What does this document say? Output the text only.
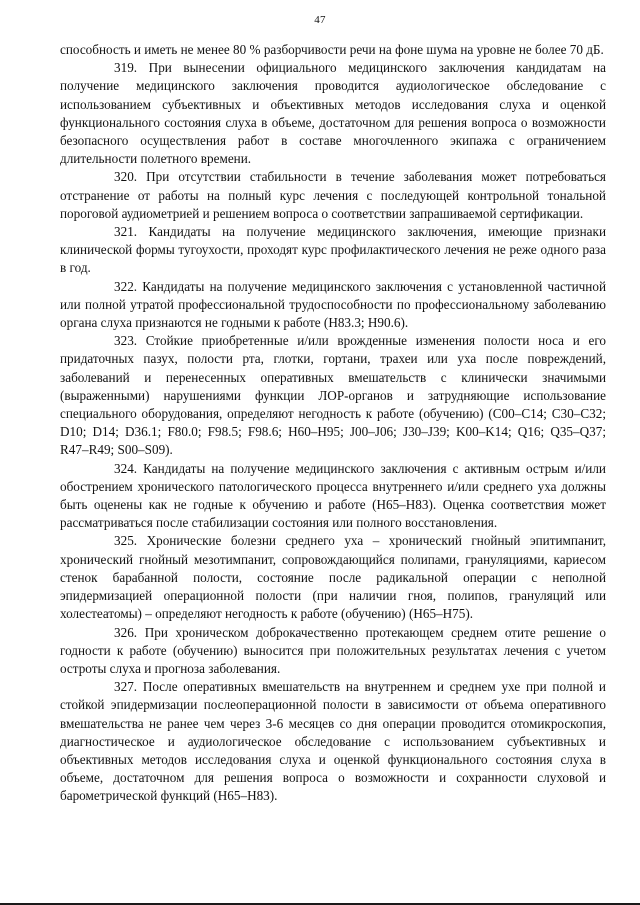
47

способность и иметь не менее 80 % разборчивости речи на фоне шума на уровне не более 70 дБ.

319. При вынесении официального медицинского заключения кандидатам на получение медицинского заключения проводится аудиологическое обследование с использованием субъективных и объективных методов исследования слуха и оценкой функционального состояния слуха в объеме, достаточном для решения вопроса о возможности безопасного осуществления работ в составе многочленного экипажа с ограничением длительности полетного времени.

320. При отсутствии стабильности в течение заболевания может потребоваться отстранение от работы на полный курс лечения с последующей контрольной тональной пороговой аудиометрией и решением вопроса о соответствии запрашиваемой сертификации.

321. Кандидаты на получение медицинского заключения, имеющие признаки клинической формы тугоухости, проходят курс профилактического лечения не реже одного раза в год.

322. Кандидаты на получение медицинского заключения с установленной частичной или полной утратой профессиональной трудоспособности по профессиональному заболеванию органа слуха признаются не годными к работе (H83.3; H90.6).

323. Стойкие приобретенные и/или врожденные изменения полости носа и его придаточных пазух, полости рта, глотки, гортани, трахеи или уха после повреждений, заболеваний и перенесенных оперативных вмешательств с клинически значимыми (выраженными) нарушениями функции ЛОР-органов и затрудняющие использование специального оборудования, определяют негодность к работе (обучению) (C00–C14; C30–C32; D10; D14; D36.1; F80.0; F98.5; F98.6; H60–H95; J00–J06; J30–J39; K00–K14; Q16; Q35–Q37; R47–R49; S00–S09).

324. Кандидаты на получение медицинского заключения с активным острым и/или обострением хронического патологического процесса внутреннего и/или среднего уха должны быть оценены как не годные к обучению и работе (H65–H83). Оценка соответствия может рассматриваться после стабилизации состояния или полного восстановления.

325. Хронические болезни среднего уха – хронический гнойный эпитимпанит, хронический гнойный мезотимпанит, сопровождающийся полипами, грануляциями, кариесом стенок барабанной полости, состояние после радикальной операции с неполной эпидермизацией операционной полости (при наличии гноя, полипов, грануляций или холестеатомы) – определяют негодность к работе (обучению) (H65–H75).

326. При хроническом доброкачественно протекающем среднем отите решение о годности к работе (обучению) выносится при положительных результатах лечения с учетом остроты слуха и прогноза заболевания.

327. После оперативных вмешательств на внутреннем и среднем ухе при полной и стойкой эпидермизации послеоперационной полости в зависимости от объема оперативного вмешательства не ранее чем через 3-6 месяцев со дня операции проводится отомикроскопия, диагностическое и аудиологическое обследование с использованием субъективных и объективных методов исследования слуха и оценкой функционального состояния слуха в объеме, достаточном для решения вопроса о возможности и сохранности слуховой и барометрической функций (H65–H83).
